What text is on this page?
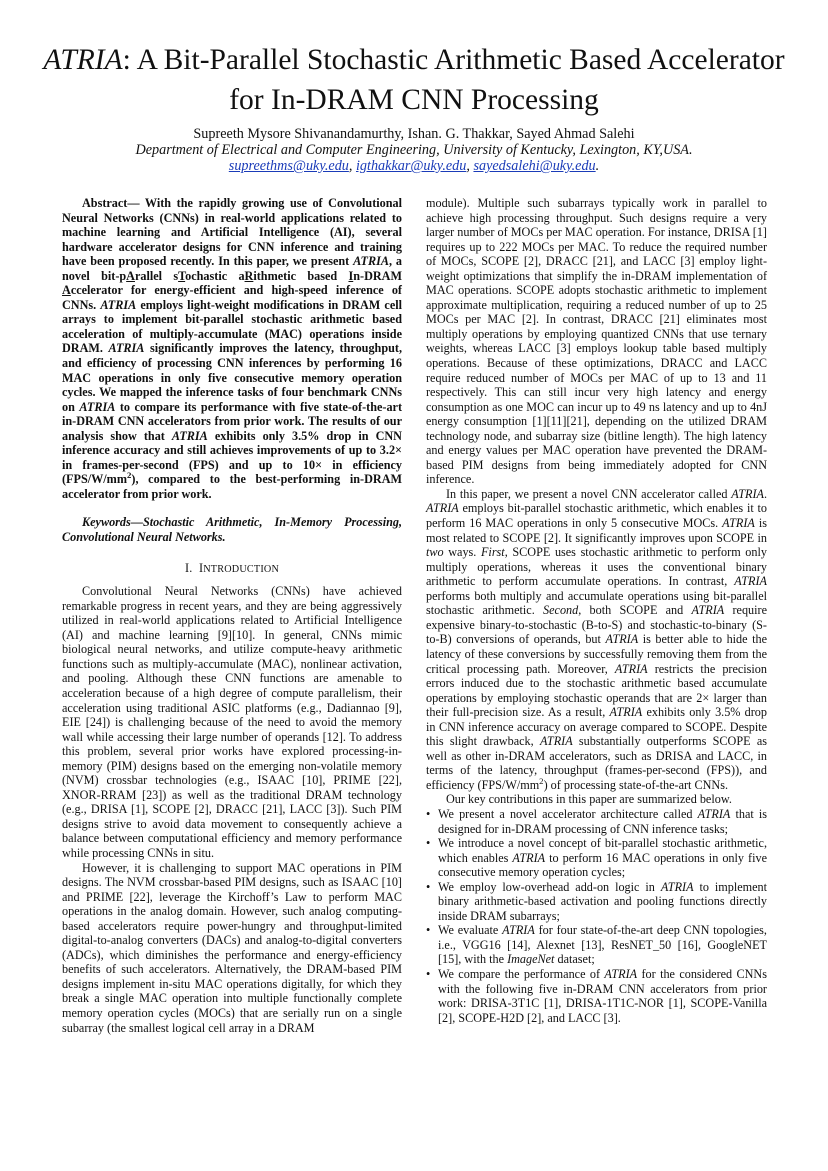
ATRIA: A Bit-Parallel Stochastic Arithmetic Based Accelerator for In-DRAM CNN Processing
Supreeth Mysore Shivanandamurthy, Ishan. G. Thakkar, Sayed Ahmad Salehi
Department of Electrical and Computer Engineering, University of Kentucky, Lexington, KY,USA.
supreethms@uky.edu, igthakkar@uky.edu, sayedsalehi@uky.edu.

Abstract— With the rapidly growing use of Convolutional Neural Networks (CNNs) in real-world applications related to machine learning and Artificial Intelligence (AI), several hardware accelerator designs for CNN inference and training have been proposed recently. In this paper, we present ATRIA, a novel bit-pArallel sTochastic aRithmetic based In-DRAM Accelerator for energy-efficient and high-speed inference of CNNs. ATRIA employs light-weight modifications in DRAM cell arrays to implement bit-parallel stochastic arithmetic based acceleration of multiply-accumulate (MAC) operations inside DRAM. ATRIA significantly improves the latency, throughput, and efficiency of processing CNN inferences by performing 16 MAC operations in only five consecutive memory operation cycles. We mapped the inference tasks of four benchmark CNNs on ATRIA to compare its performance with five state-of-the-art in-DRAM CNN accelerators from prior work. The results of our analysis show that ATRIA exhibits only 3.5% drop in CNN inference accuracy and still achieves improvements of up to 3.2× in frames-per-second (FPS) and up to 10× in efficiency $(FPS/W/mm^2)$, compared to the best-performing in-DRAM accelerator from prior work.

Keywords—Stochastic Arithmetic, In-Memory Processing, Convolutional Neural Networks.

I. INTRODUCTION

Convolutional Neural Networks (CNNs) have achieved remarkable progress in recent years, and they are being aggressively utilized in real-world applications related to Artificial Intelligence (AI) and machine learning [9][10]. In general, CNNs mimic biological neural networks, and utilize compute-heavy arithmetic functions such as multiply-accumulate (MAC), nonlinear activation, and pooling. Although these CNN functions are amenable to acceleration because of a high degree of compute parallelism, their acceleration using traditional ASIC platforms (e.g., Dadiannao [9], EIE [24]) is challenging because of the need to avoid the memory wall while accessing their large number of operands [12]. To address this problem, several prior works have explored processing-in-memory (PIM) designs based on the emerging non-volatile memory (NVM) crossbar technologies (e.g., ISAAC [10], PRIME [22], XNOR-RRAM [23]) as well as the traditional DRAM technology (e.g., DRISA [1], SCOPE [2], DRACC [21], LACC [3]). Such PIM designs strive to avoid data movement to consequently achieve a balance between computational efficiency and memory performance while processing CNNs in situ.

However, it is challenging to support MAC operations in PIM designs. The NVM crossbar-based PIM designs, such as ISAAC [10] and PRIME [22], leverage the Kirchoff’s Law to perform MAC operations in the analog domain. However, such analog computing-based accelerators require power-hungry and throughput-limited digital-to-analog converters (DACs) and analog-to-digital converters (ADCs), which diminishes the performance and energy-efficiency benefits of such accelerators. Alternatively, the DRAM-based PIM designs implement in-situ MAC operations digitally, for which they break a single MAC operation into multiple functionally complete memory operation cycles (MOCs) that are serially run on a single subarray (the smallest logical cell array in a DRAM

module). Multiple such subarrays typically work in parallel to achieve high processing throughput. Such designs require a very larger number of MOCs per MAC operation. For instance, DRISA [1] requires up to 222 MOCs per MAC. To reduce the required number of MOCs, SCOPE [2], DRACC [21], and LACC [3] employ light-weight optimizations that simplify the in-DRAM implementation of MAC operations. SCOPE adopts stochastic arithmetic to implement approximate multiplication, requiring a reduced number of up to 25 MOCs per MAC [2]. In contrast, DRACC [21] eliminates most multiply operations by employing quantized CNNs that use ternary weights, whereas LACC [3] employs lookup table based multiply operations. Because of these optimizations, DRACC and LACC require reduced number of MOCs per MAC of up to 13 and 11 respectively. This can still incur very high latency and energy consumption as one MOC can incur up to 49 ns latency and up to 4nJ energy consumption [1][11][21], depending on the utilized DRAM technology node, and subarray size (bitline length). The high latency and energy values per MAC operation have prevented the DRAM-based PIM designs from being immediately adopted for CNN inference.

In this paper, we present a novel CNN accelerator called ATRIA. ATRIA employs bit-parallel stochastic arithmetic, which enables it to perform 16 MAC operations in only 5 consecutive MOCs. ATRIA is most related to SCOPE [2]. It significantly improves upon SCOPE in two ways. First, SCOPE uses stochastic arithmetic to perform only multiply operations, whereas it uses the conventional binary arithmetic to perform accumulate operations. In contrast, ATRIA performs both multiply and accumulate operations using bit-parallel stochastic arithmetic. Second, both SCOPE and ATRIA require expensive binary-to-stochastic (B-to-S) and stochastic-to-binary (S-to-B) conversions of operands, but ATRIA is better able to hide the latency of these conversions by successfully removing them from the critical processing path. Moreover, ATRIA restricts the precision errors induced due to the stochastic arithmetic based accumulate operations by employing stochastic operands that are 2× larger than their full-precision size. As a result, ATRIA exhibits only 3.5% drop in CNN inference accuracy on average compared to SCOPE. Despite this slight drawback, ATRIA substantially outperforms SCOPE as well as other in-DRAM accelerators, such as DRISA and LACC, in terms of the latency, throughput (frames-per-second (FPS)), and efficiency $(FPS/W/mm^2)$ of processing state-of-the-art CNNs.

Our key contributions in this paper are summarized below.

• We present a novel accelerator architecture called ATRIA that is designed for in-DRAM processing of CNN inference tasks;
• We introduce a novel concept of bit-parallel stochastic arithmetic, which enables ATRIA to perform 16 MAC operations in only five consecutive memory operation cycles;
• We employ low-overhead add-on logic in ATRIA to implement binary arithmetic-based activation and pooling functions directly inside DRAM subarrays;
• We evaluate ATRIA for four state-of-the-art deep CNN topologies, i.e., VGG16 [14], Alexnet [13], ResNET_50 [16], GoogleNET [15], with the ImageNet dataset;
• We compare the performance of ATRIA for the considered CNNs with the following five in-DRAM CNN accelerators from prior work: DRISA-3T1C [1], DRISA-1T1C-NOR [1], SCOPE-Vanilla [2], SCOPE-H2D [2], and LACC [3].
